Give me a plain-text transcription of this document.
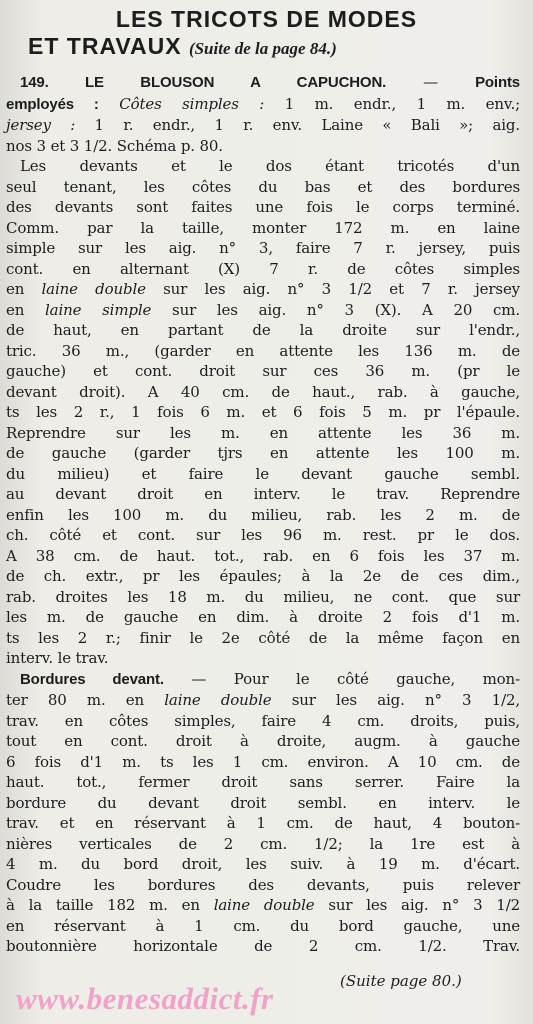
LES TRICOTS DE MODES
ET TRAVAUX (Suite de la page 84.)
149. LE BLOUSON A CAPUCHON. — Points
employés : Côtes simples : 1 m. endr., 1 m. env.;
jersey : 1 r. endr., 1 r. env. Laine « Bali »; aig.
nos 3 et 3 1/2. Schéma p. 80.
Les devants et le dos étant tricotés d'un
seul tenant, les côtes du bas et des bordures
des devants sont faites une fois le corps terminé.
Comm. par la taille, monter 172 m. en laine
simple sur les aig. n° 3, faire 7 r. jersey, puis
cont. en alternant (X) 7 r. de côtes simples
en laine double sur les aig. n° 3 1/2 et 7 r. jersey
en laine simple sur les aig. n° 3 (X). A 20 cm.
de haut, en partant de la droite sur l'endr.,
tric. 36 m., (garder en attente les 136 m. de
gauche) et cont. droit sur ces 36 m. (pr le
devant droit). A 40 cm. de haut., rab. à gauche,
ts les 2 r., 1 fois 6 m. et 6 fois 5 m. pr l'épaule.
Reprendre sur les m. en attente les 36 m.
de gauche (garder tjrs en attente les 100 m.
du milieu) et faire le devant gauche sembl.
au devant droit en interv. le trav. Reprendre
enfin les 100 m. du milieu, rab. les 2 m. de
ch. côté et cont. sur les 96 m. rest. pr le dos.
A 38 cm. de haut. tot., rab. en 6 fois les 37 m.
de ch. extr., pr les épaules; à la 2e de ces dim.,
rab. droites les 18 m. du milieu, ne cont. que sur
les m. de gauche en dim. à droite 2 fois d'1 m.
ts les 2 r.; finir le 2e côté de la même façon en
interv. le trav.
Bordures devant. — Pour le côté gauche, mon-
ter 80 m. en laine double sur les aig. n° 3 1/2,
trav. en côtes simples, faire 4 cm. droits, puis,
tout en cont. droit à droite, augm. à gauche
6 fois d'1 m. ts les 1 cm. environ. A 10 cm. de
haut. tot., fermer droit sans serrer. Faire la
bordure du devant droit sembl. en interv. le
trav. et en réservant à 1 cm. de haut, 4 bouton-
nières verticales de 2 cm. 1/2; la 1re est à
4 m. du bord droit, les suiv. à 19 m. d'écart.
Coudre les bordures des devants, puis relever
à la taille 182 m. en laine double sur les aig. n° 3 1/2
en réservant à 1 cm. du bord gauche, une
boutonnière horizontale de 2 cm. 1/2. Trav.
(Suite page 80.)
www.benesaddict.fr
